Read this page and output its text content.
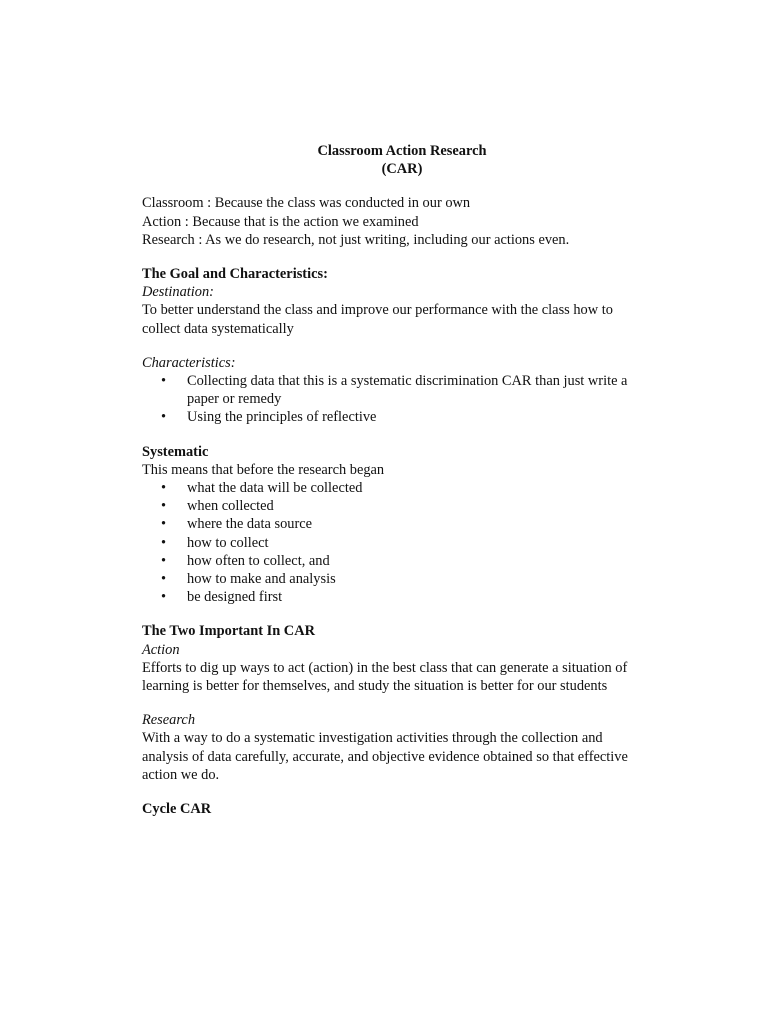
Classroom Action Research

(CAR)

Classroom : Because the class was conducted in our own

Action : Because that is the action we examined

Research : As we do research, not just writing, including our actions even.

The Goal and Characteristics:

Destination:

To better understand the class and improve our performance with the class how to

collect data systematically

Characteristics:

• Collecting data that this is a systematic discrimination CAR than just write a paper or remedy
• Using the principles of reflective

Systematic

This means that before the research began

• what the data will be collected
• when collected
• where the data source
• how to collect
• how often to collect, and
• how to make and analysis
• be designed first

The Two Important In CAR

Action

Efforts to dig up ways to act (action) in the best class that can generate a situation of

learning is better for themselves, and study the situation is better for our students

Research

With a way to do a systematic investigation activities through the collection and

analysis of data carefully, accurate, and objective evidence obtained so that effective

action we do.

Cycle CAR
